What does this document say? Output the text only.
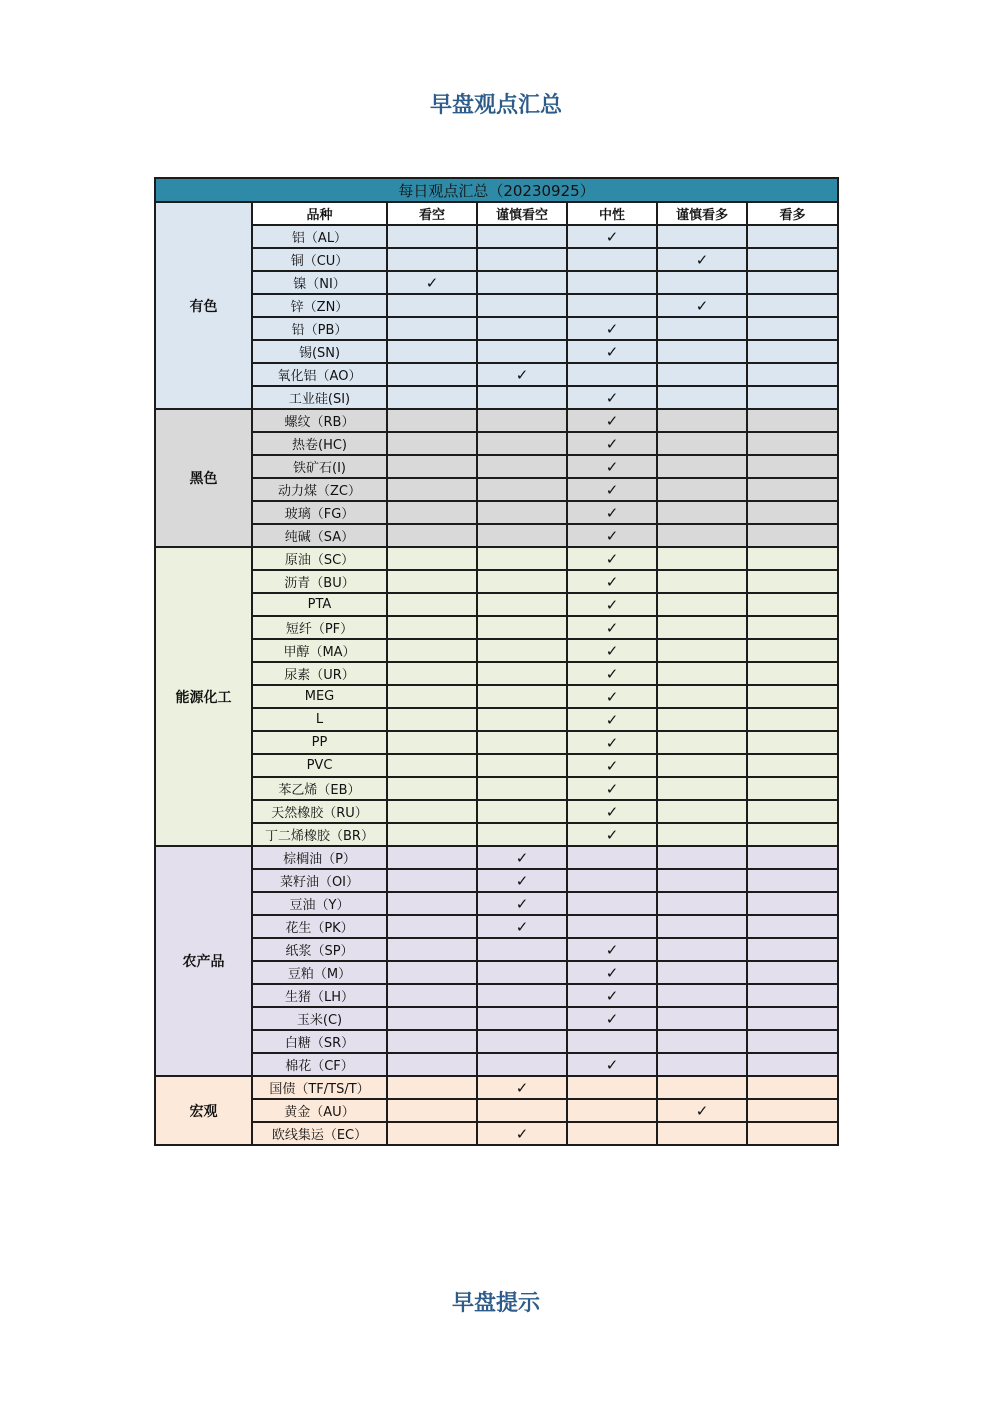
早盘观点汇总
每日观点汇总（20230925）						
有色	品种	看空	谨慎看空	中性	谨慎看多	看多
	铝（AL）			✓		
	铜（CU）				✓	
	镍（NI）	✓				
	锌（ZN）				✓	
	铅（PB）			✓		
	锡(SN)			✓		
	氧化铝（AO）		✓			
	工业硅(SI)			✓		
黑色	螺纹（RB）			✓		
	热卷(HC)			✓		
	铁矿石(I)			✓		
	动力煤（ZC）			✓		
	玻璃（FG）			✓		
	纯碱（SA）			✓		
能源化工	原油（SC）			✓		
	沥青（BU）			✓		
	PTA			✓		
	短纤（PF）			✓		
	甲醇（MA）			✓		
	尿素（UR）			✓		
	MEG			✓		
	L			✓		
	PP			✓		
	PVC			✓		
	苯乙烯（EB）			✓		
	天然橡胶（RU）			✓		
	丁二烯橡胶（BR）			✓		
农产品	棕榈油（P）		✓			
	菜籽油（OI）		✓			
	豆油（Y）		✓			
	花生（PK）		✓			
	纸浆（SP）			✓		
	豆粕（M）			✓		
	生猪（LH）			✓		
	玉米(C)			✓		
	白糖（SR）					
	棉花（CF）			✓		
宏观	国债（TF/TS/T）		✓			
	黄金（AU）				✓	
	欧线集运（EC）		✓			
早盘提示
